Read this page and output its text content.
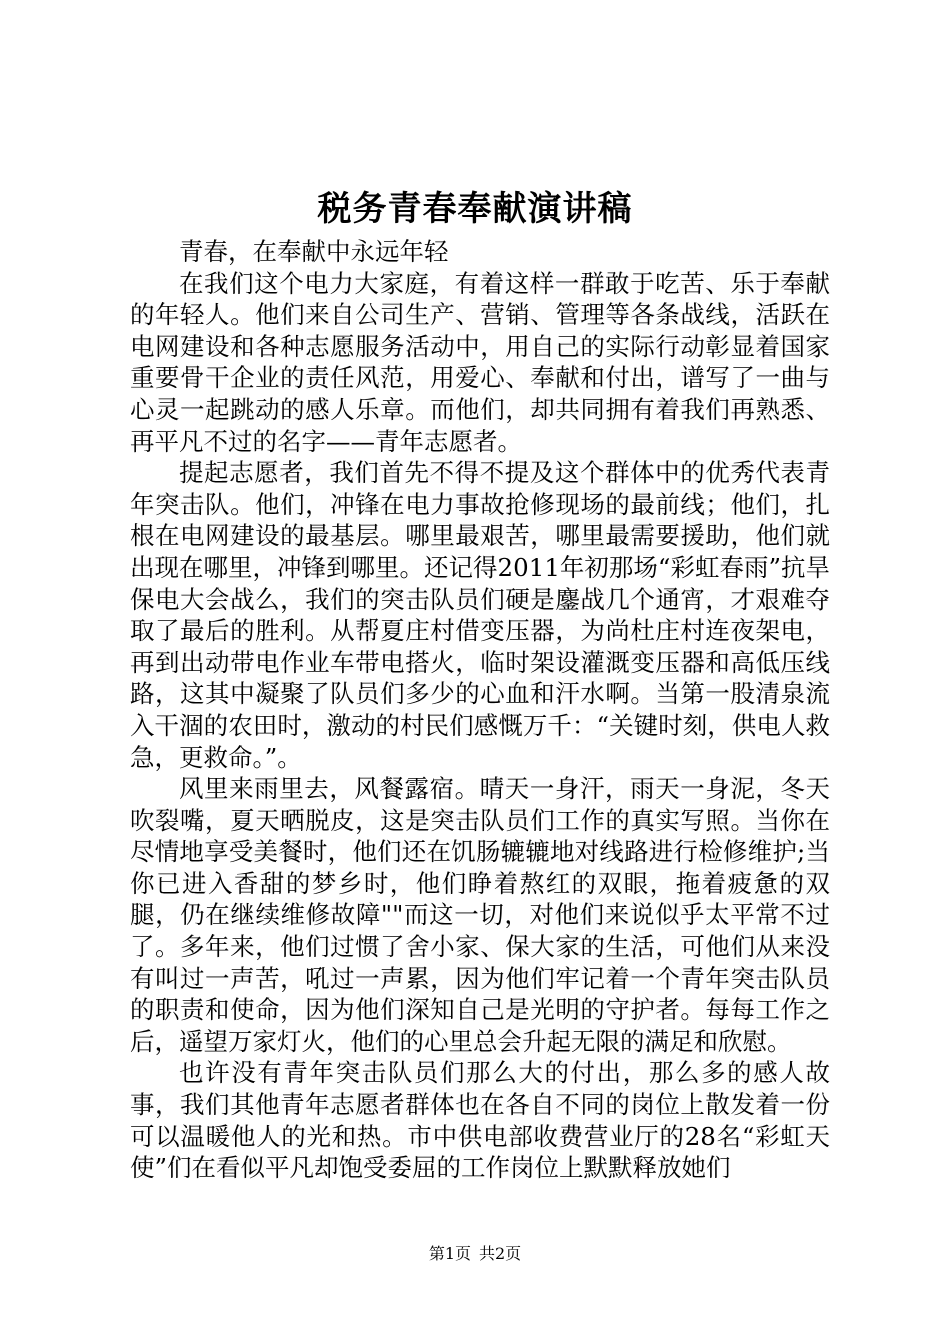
税务青春奉献演讲稿

青春，在奉献中永远年轻

在我们这个电力大家庭，有着这样一群敢于吃苦、乐于奉献的年轻人。他们来自公司生产、营销、管理等各条战线，活跃在电网建设和各种志愿服务活动中，用自己的实际行动彰显着国家重要骨干企业的责任风范，用爱心、奉献和付出，谱写了一曲与心灵一起跳动的感人乐章。而他们，却共同拥有着我们再熟悉、再平凡不过的名字——青年志愿者。

提起志愿者，我们首先不得不提及这个群体中的优秀代表青年突击队。他们，冲锋在电力事故抢修现场的最前线；他们，扎根在电网建设的最基层。哪里最艰苦，哪里最需要援助，他们就出现在哪里，冲锋到哪里。还记得2011年初那场“彩虹春雨”抗旱保电大会战么，我们的突击队员们硬是鏖战几个通宵，才艰难夺取了最后的胜利。从帮夏庄村借变压器，为尚杜庄村连夜架电，再到出动带电作业车带电搭火，临时架设灌溉变压器和高低压线路，这其中凝聚了队员们多少的心血和汗水啊。当第一股清泉流入干涸的农田时，激动的村民们感慨万千：“关键时刻，供电人救急，更救命。”。

风里来雨里去，风餐露宿。晴天一身汗，雨天一身泥，冬天吹裂嘴，夏天晒脱皮，这是突击队员们工作的真实写照。当你在尽情地享受美餐时，他们还在饥肠辘辘地对线路进行检修维护;当你已进入香甜的梦乡时，他们睁着熬红的双眼，拖着疲惫的双腿，仍在继续维修故障""而这一切，对他们来说似乎太平常不过了。多年来，他们过惯了舍小家、保大家的生活，可他们从来没有叫过一声苦，吼过一声累，因为他们牢记着一个青年突击队员的职责和使命，因为他们深知自己是光明的守护者。每每工作之后，遥望万家灯火，他们的心里总会升起无限的满足和欣慰。

也许没有青年突击队员们那么大的付出，那么多的感人故事，我们其他青年志愿者群体也在各自不同的岗位上散发着一份可以温暖他人的光和热。市中供电部收费营业厅的28名“彩虹天使”们在看似平凡却饱受委屈的工作岗位上默默释放她们

第1页 共2页
